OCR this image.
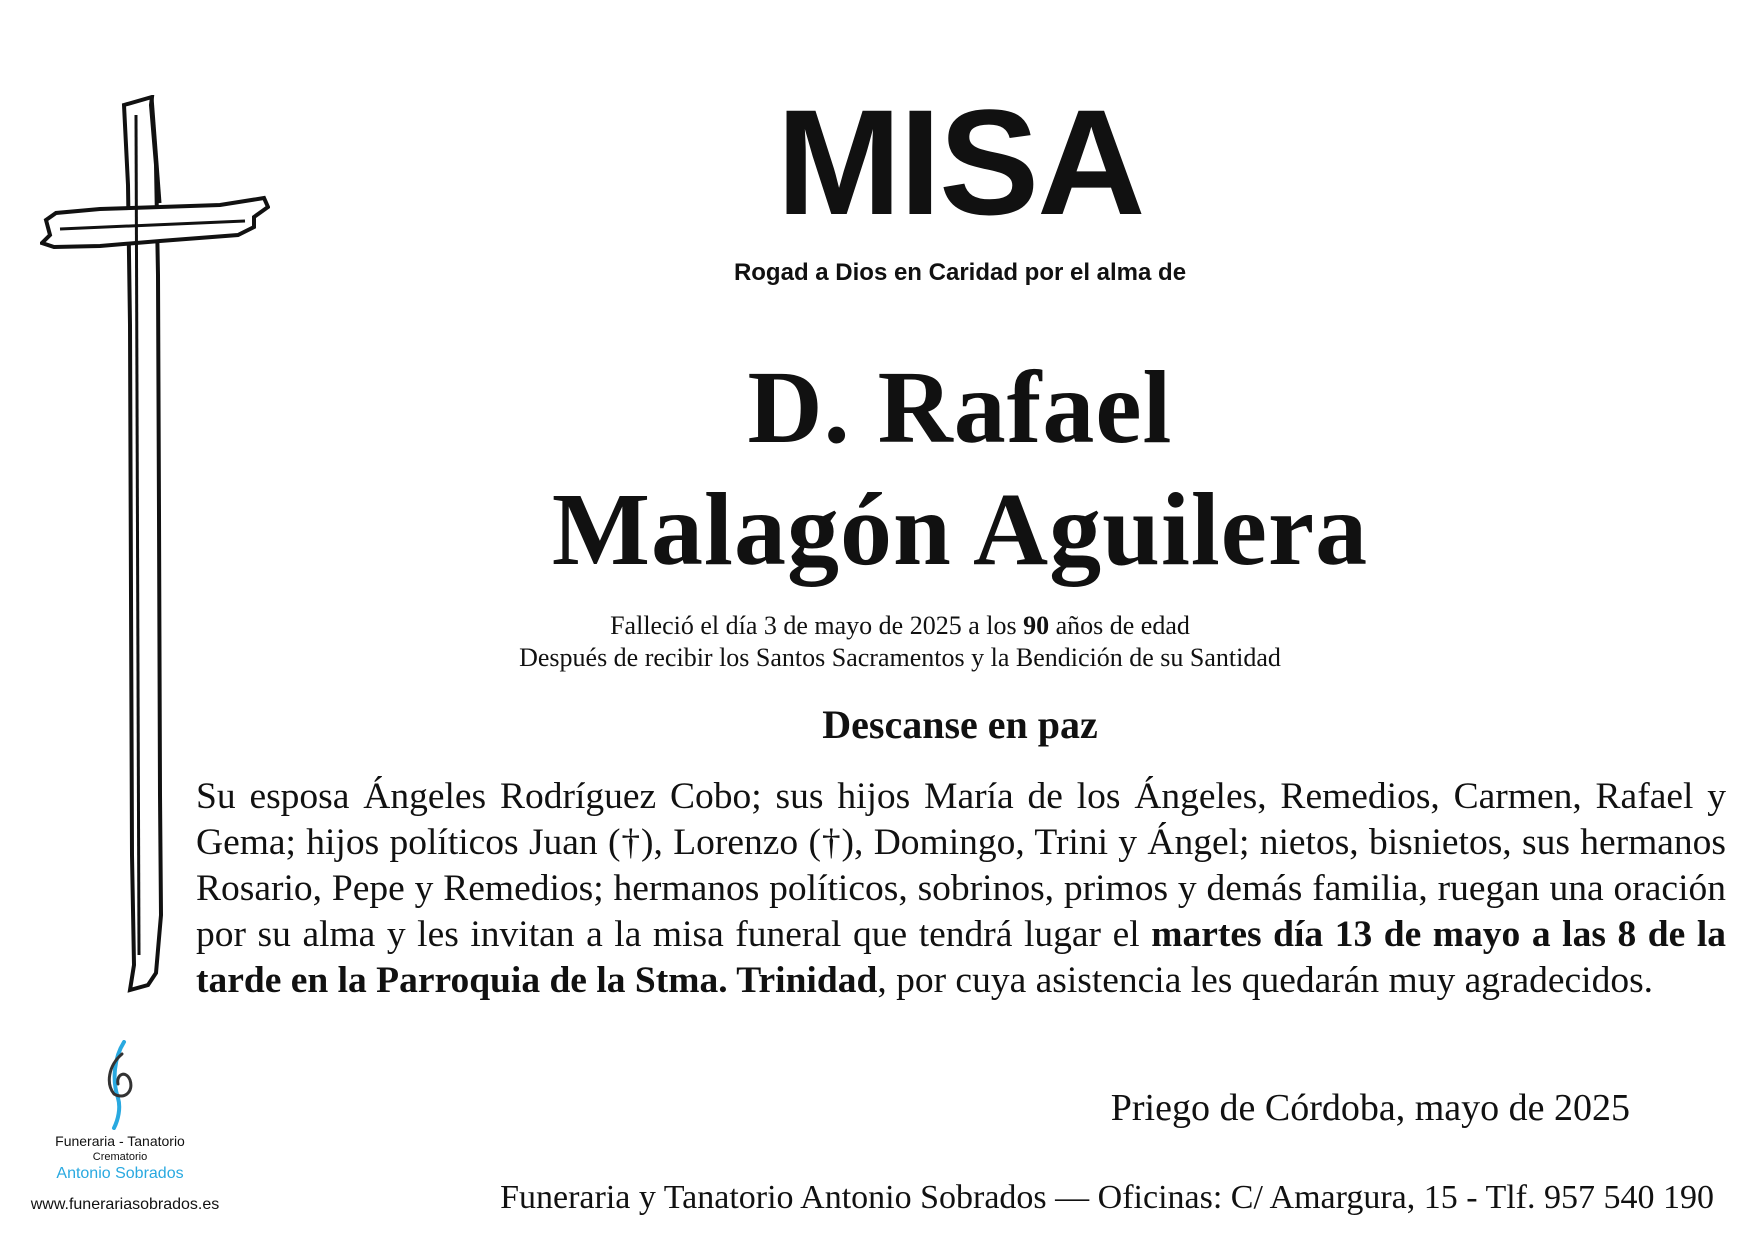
MISA
Rogad a Dios en Caridad por el alma de
D. Rafael
Malagón Aguilera
Falleció el día 3 de mayo de 2025 a los 90 años de edad
Después de recibir los Santos Sacramentos y la Bendición de su Santidad
Descanse en paz
Su esposa Ángeles Rodríguez Cobo; sus hijos María de los Ángeles, Remedios, Carmen, Rafael y Gema; hijos políticos Juan (†), Lorenzo (†), Domingo, Trini y Ángel; nietos, bisnietos, sus hermanos Rosario, Pepe y Remedios; hermanos políticos, sobrinos, primos y demás familia, ruegan una oración por su alma y les invitan a la misa funeral que tendrá lugar el martes día 13 de mayo a las 8 de la tarde en la Parroquia de la Stma. Trinidad, por cuya asistencia les quedarán muy agradecidos.
Priego de Córdoba, mayo de 2025
Funeraria y Tanatorio Antonio Sobrados — Oficinas: C/ Amargura, 15 - Tlf. 957 540 190
Funeraria - Tanatorio
Crematorio
Antonio Sobrados
www.funerariasobrados.es
